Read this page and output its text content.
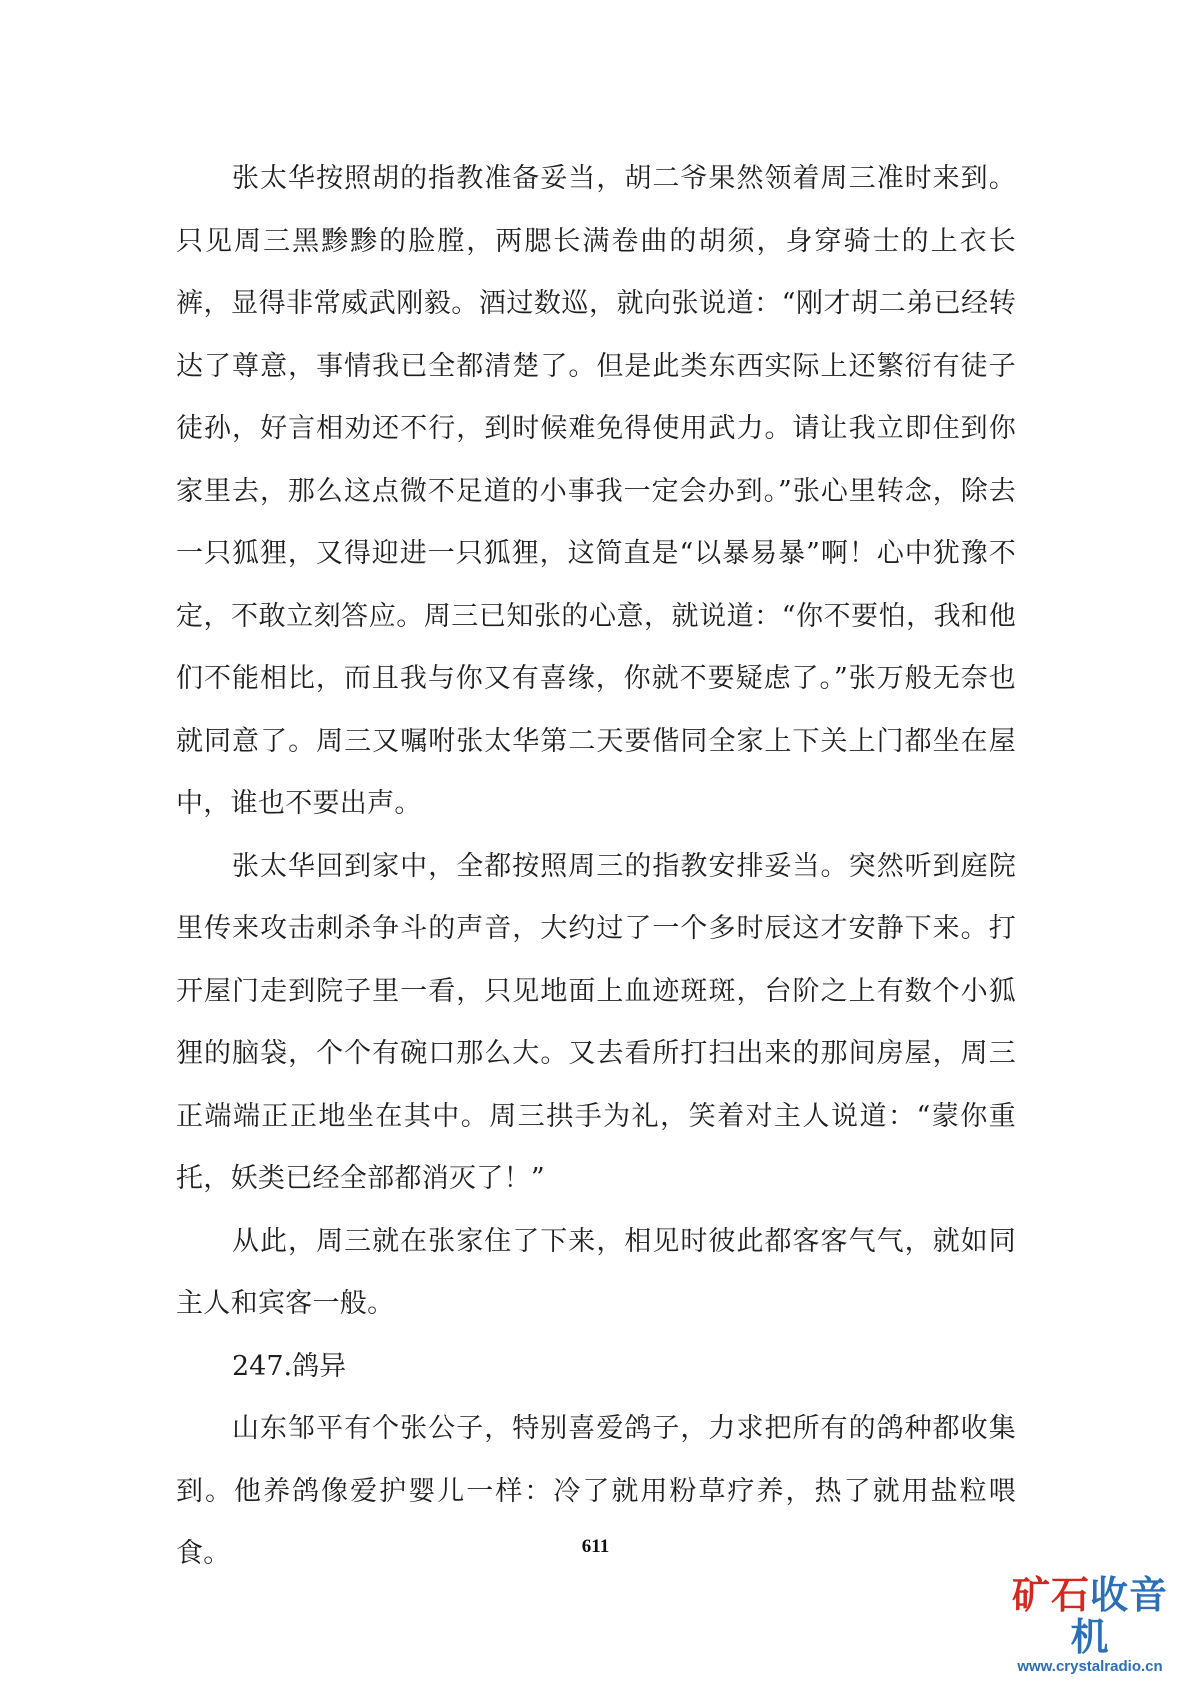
张太华按照胡的指教准备妥当，胡二爷果然领着周三准时来到。只见周三黑黪黪的脸膛，两腮长满卷曲的胡须，身穿骑士的上衣长裤，显得非常威武刚毅。酒过数巡，就向张说道：“刚才胡二弟已经转达了尊意，事情我已全都清楚了。但是此类东西实际上还繁衍有徒子徒孙，好言相劝还不行，到时候难免得使用武力。请让我立即住到你家里去，那么这点微不足道的小事我一定会办到。”张心里转念，除去一只狐狸，又得迎进一只狐狸，这简直是“以暴易暴”啊！心中犹豫不定，不敢立刻答应。周三已知张的心意，就说道：“你不要怕，我和他们不能相比，而且我与你又有喜缘，你就不要疑虑了。”张万般无奈也就同意了。周三又嘱咐张太华第二天要偕同全家上下关上门都坐在屋中，谁也不要出声。

张太华回到家中，全都按照周三的指教安排妥当。突然听到庭院里传来攻击刺杀争斗的声音，大约过了一个多时辰这才安静下来。打开屋门走到院子里一看，只见地面上血迹斑斑，台阶之上有数个小狐狸的脑袋，个个有碗口那么大。又去看所打扫出来的那间房屋，周三正端端正正地坐在其中。周三拱手为礼，笑着对主人说道：“蒙你重托，妖类已经全部都消灭了！”

从此，周三就在张家住了下来，相见时彼此都客客气气，就如同主人和宾客一般。

247.鸽异

山东邹平有个张公子，特别喜爱鸽子，力求把所有的鸽种都收集到。他养鸽像爱护婴儿一样：冷了就用粉草疗养，热了就用盐粒喂食。	611
矿石收音机
www.crystalradio.cn
